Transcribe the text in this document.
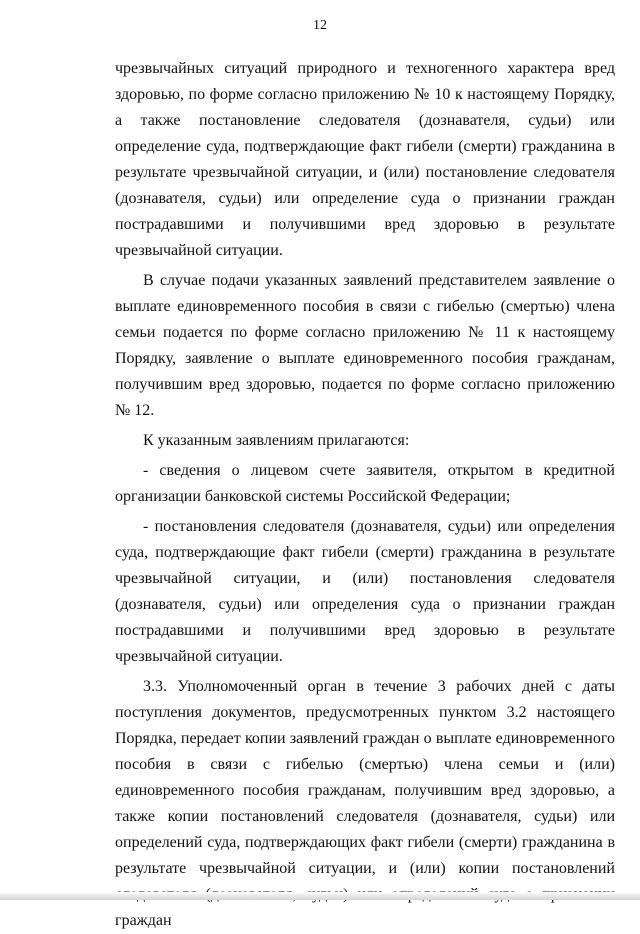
12

чрезвычайных ситуаций природного и техногенного характера вред здоровью, по форме согласно приложению № 10 к настоящему Порядку, а также постановление следователя (дознавателя, судьи) или определение суда, подтверждающие факт гибели (смерти) гражданина в результате чрезвычайной ситуации, и (или) постановление следователя (дознавателя, судьи) или определение суда о признании граждан пострадавшими и получившими вред здоровью в результате чрезвычайной ситуации.

В случае подачи указанных заявлений представителем заявление о выплате единовременного пособия в связи с гибелью (смертью) члена семьи подается по форме согласно приложению № 11 к настоящему Порядку, заявление о выплате единовременного пособия гражданам, получившим вред здоровью, подается по форме согласно приложению № 12.

К указанным заявлениям прилагаются:

- сведения о лицевом счете заявителя, открытом в кредитной организации банковской системы Российской Федерации;

- постановления следователя (дознавателя, судьи) или определения суда, подтверждающие факт гибели (смерти) гражданина в результате чрезвычайной ситуации, и (или) постановления следователя (дознавателя, судьи) или определения суда о признании граждан пострадавшими и получившими вред здоровью в результате чрезвычайной ситуации.

3.3. Уполномоченный орган в течение 3 рабочих дней с даты поступления документов, предусмотренных пунктом 3.2 настоящего Порядка, передает копии заявлений граждан о выплате единовременного пособия в связи с гибелью (смертью) члена семьи и (или) единовременного пособия гражданам, получившим вред здоровью, а также копии постановлений следователя (дознавателя, судьи) или определений суда, подтверждающих факт гибели (смерти) гражданина в результате чрезвычайной ситуации, и (или) копии постановлений граждан
